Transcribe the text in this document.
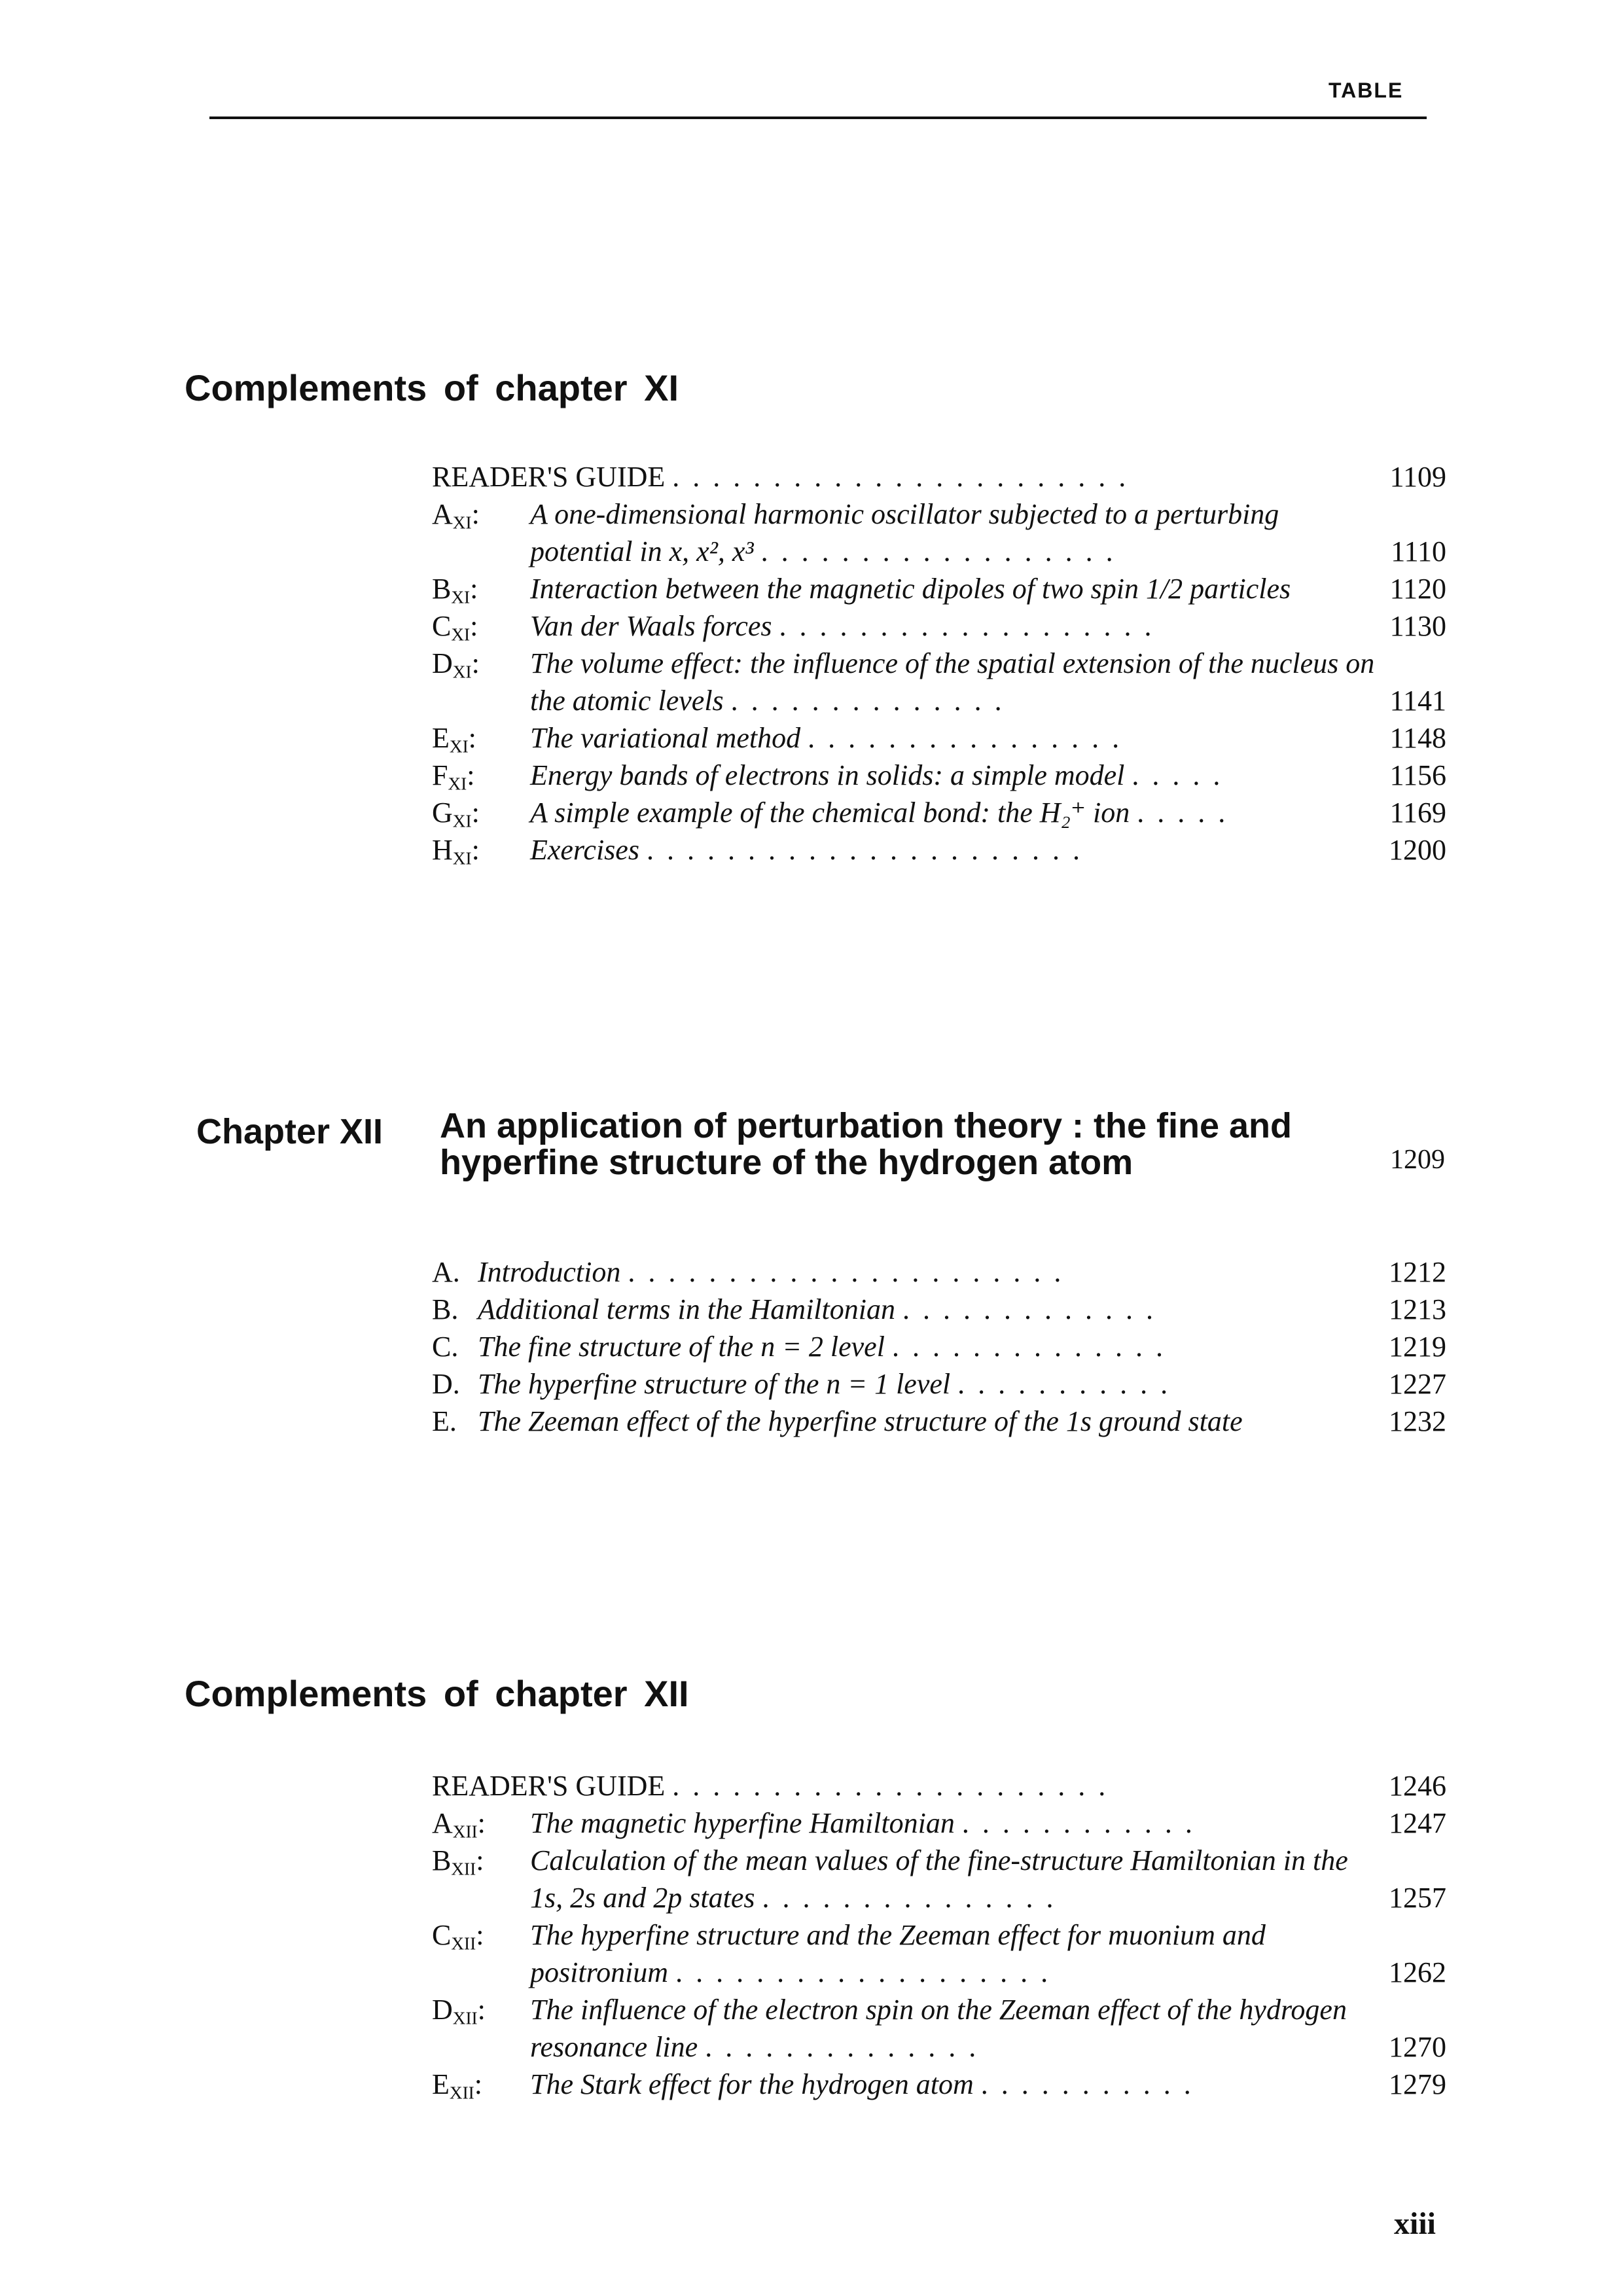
TABLE
Complements of chapter XI
READER'S GUIDE .......................	1109
$A_{XI}$: A one-dimensional harmonic oscillator subjected to a perturbing potential in x, x², x³ ..................	1110
$B_{XI}$: Interaction between the magnetic dipoles of two spin 1/2 particles	1120
$C_{XI}$: Van der Waals forces ...................	1130
$D_{XI}$: The volume effect: the influence of the spatial extension of the nucleus on the atomic levels ..............	1141
$E_{XI}$: The variational method ................	1148
$F_{XI}$: Energy bands of electrons in solids: a simple model .....	1156
$G_{XI}$: A simple example of the chemical bond: the H₂⁺ ion .....	1169
$H_{XI}$: Exercises ......................	1200
Chapter XII An application of perturbation theory : the fine and hyperfine structure of the hydrogen atom	1209
A. Introduction ......................	1212
B. Additional terms in the Hamiltonian .............	1213
C. The fine structure of the n = 2 level ..............	1219
D. The hyperfine structure of the n = 1 level ...........	1227
E. The Zeeman effect of the hyperfine structure of the 1s ground state	1232
Complements of chapter XII
READER'S GUIDE ......................	1246
$A_{XII}$: The magnetic hyperfine Hamiltonian ............	1247
$B_{XII}$: Calculation of the mean values of the fine-structure Hamiltonian in the 1s, 2s and 2p states ...............	1257
$C_{XII}$: The hyperfine structure and the Zeeman effect for muonium and positronium ...................	1262
$D_{XII}$: The influence of the electron spin on the Zeeman effect of the hydrogen resonance line ..............	1270
$E_{XII}$: The Stark effect for the hydrogen atom ...........	1279
xiii
